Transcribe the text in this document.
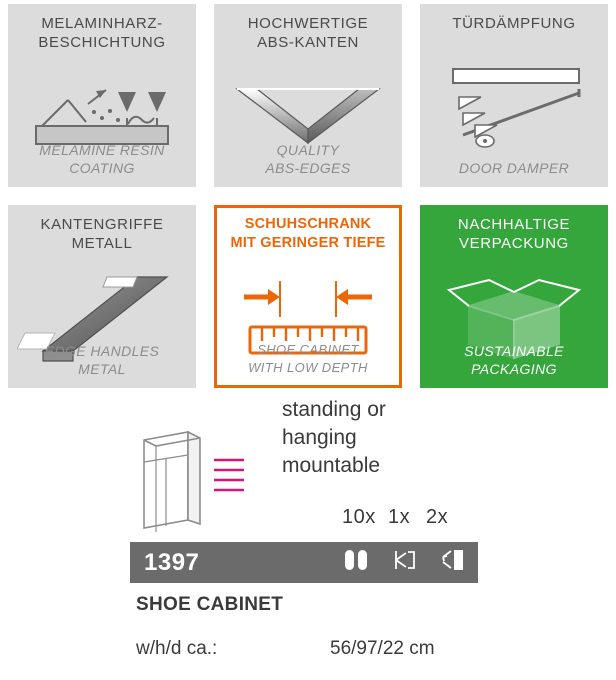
MELAMINHARZ-
BESCHICHTUNG
MELAMINE RESIN
COATING
HOCHWERTIGE
ABS-KANTEN
QUALITY
ABS-EDGES
TÜRDÄMPFUNG
DOOR DAMPER
KANTENGRIFFE
METALL
EDGE HANDLES
METAL
SCHUHSCHRANK
MIT GERINGER TIEFE
SHOE CABINET
WITH LOW DEPTH
NACHHALTIGE
VERPACKUNG
SUSTAINABLE
PACKAGING
standing or
hanging
mountable
10x 1x 2x
1397
SHOE CABINET
w/h/d ca.:	56/97/22 cm
